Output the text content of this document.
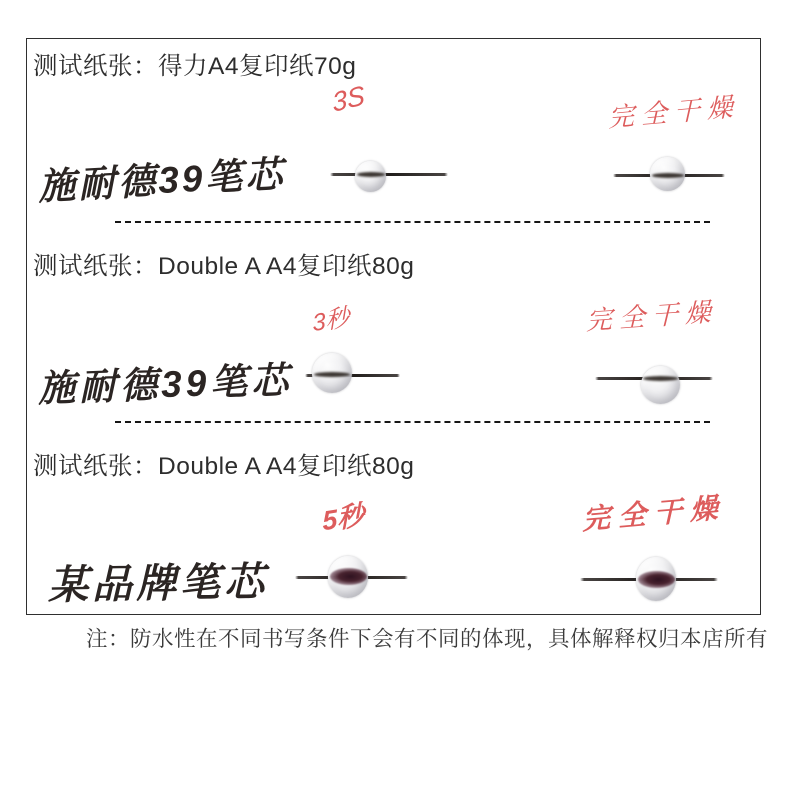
测试纸张：得力A4复印纸70g
3S	完全干燥
施耐德39笔芯
测试纸张：Double A A4复印纸80g
3秒	完全干燥
施耐德39笔芯
测试纸张：Double A A4复印纸80g
5秒	完全干燥
某品牌笔芯
注：防水性在不同书写条件下会有不同的体现，具体解释权归本店所有
